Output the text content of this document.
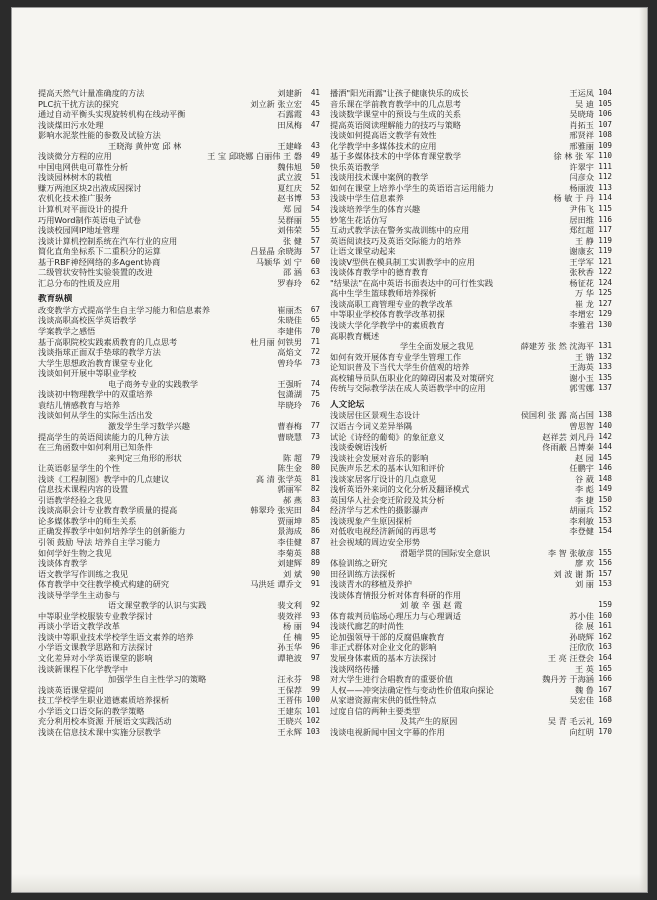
提高天然气计量准确度的方法	刘建新	41
PLC抗干扰方法的探究	刘立新 张立宏	45
通过自动平衡头实现旋转机构在线动平衡	石露霞	43
浅谈煤田污水处理	田凤梅	47
影响水泥浆性能的参数及试验方法
王晓海 黄仲宽 邱 林	王建峰	43
浅谈微分方程的应用	王 宝 邱晓娜 白丽伟 王 磐	49
中国电网供电可靠性分析	魏伟旭	50
浅谈园林树木的栽植	武立波	51
赚万两池区块2出液成因探讨	夏红庆	52
农机化技术推广服务	赵书博	53
计算机对平面设计的提升	郑 园	54
巧用Word制作英语电子试卷	吴群丽	55
浅谈校园网IP地址管理	刘伟荣	55
浅谈计算机控制系统在汽车行业的应用	张 健	57
简化直角坐标系下二重积分的运算	吕显晶 余晓海	57
基于RBF神经网络的多Agent协商	马颖华 刘 宁	60
二级管状安特性实验装置的改进	邵 涵	63
汇总分布的性质及应用	罗春玲	62
教育纵横
改变教学方式提高学生自主学习能力和信息素养	崔丽杰	67
浅谈高职高校医学英语教学	朱晓佳	65
学案教学之感悟	李建伟	70
基于高职院校实践素质教育的几点思考	杜月丽 何铁男	71
浅谈指球正面双手垫球的教学方法	高焰文	72
大学生思想政治教育课堂专业化	曾玲华	73
浅谈如何开展中等职业学校
电子商务专业的实践教学	王强昕	74
浅谈初中物理教学中的双重培养	包潇湖	75
袁结儿情感教育与培养	毕晓玲	76
浅谈如何从学生的实际生活出发
激发学生学习数学兴趣	曹春梅	77
提高学生的英语阅读能力的几种方法	曹晓慧	73
在三角函数中如何利用已知条件
来判定三角形的形状	陈 超	79
让英语彰显学生的个性	陈生金	80
浅谈《工程制图》教学中的几点建议	高 清 张学英	81
信息技术课程内容的设置	郭丽军	82
引语教学经验之我见	郝 燕	83
浅谈高职会计专业教育教学质量的提高	韩翠玲 张宪田	84
论多媒体教学中的师生关系	贾丽坤	85
正确发挥教学中如何培养学生的创新能力	景海成	86
引领 鼓励 导法 培养自主学习能力	李佳健	87
如何学好生物之我见	李菊英	88
浅谈体育教学	刘建辉	89
语文教学写作训练之我见	刘 斌	90
体育教学中交往教学模式构建的研究	马洪廷 谭乔文	91
浅谈导学学生主动参与
语文课堂教学的认识与实践	裴文利	92
中等职业学校服装专业教学探讨	裴效祥	93
再谈小学语文教学改革	杨 丽	94
浅谈中等职业技术学校学生语文素养的培养	任 楠	95
小学语文课教学思路和方法探讨	孙玉华	96
文化差异对小学英语课堂的影响	谭艳波	97
浅谈新课程下化学教学中
加强学生自主性学习的策略	汪永芬	98
浅谈英语课堂提问	王保荐	99
技工学校学生职业道德素质培养探析	王晋伟 100
小学语文口语交际的教学策略	王建东 101
充分利用校本资源 开展语文实践活动	王晓兴 102
浅谈在信息技术课中实施分层教学	王永辉 103
播洒"阳光雨露"让孩子健康快乐的成长	王运凤 104
音乐课在学前教育教学中的几点思考	吴 迪 105
浅谈数学课堂中的预设与生成的关系	吴晓琦 106
提高英语阅读理解能力的技巧与策略	肖拓玉 107
浅谈如何提高语文教学有效性	邢贤祥 108
化学教学中多媒体技术的应用	邢雅丽 109
基于多媒体技术的中学体育课堂教学	徐 林 张 军 110
快乐英语教学	许翠宇 111
浅谈用技术课中案例的教学	闫彦众 112
如何在课堂上培养小学生的英语语言运用能力	杨丽波 113
浅谈中学生信息素养	杨 敏 于 丹 114
浅谈培养学生的体育兴趣	尹伟飞 115
妙笔生花话仿写	居田维 116
互动式教学法在警务实战训练中的应用	郑红超 117
英语阅读技巧及英语交际能力的培养	王 静 119
让语文课堂动起来	谢康玄 119
浅谈V型供在模具制工实训教学中的应用	王学军 121
浅谈体育教学中的德育教育	张秋香 122
"结果法"在高中英语书面表达中的可行性实践	杨征花 124
高中生学生篮球教师培养探析	万 华 125
浅谈高职工商管理专业的教学改革	崔 龙 127
中等职业学校体育教学改革初探	李增宏 129
浅谈大学化学教学中的素质教育	李雅君 130
高职教育概述
学生全面发展之我见	薛建芳 张 然 沈海平 131
如何有效开展体育专业学生管理工作	王 锴 132
论知识普及下当代大学生价值观的培养	王海英 133
高校辅导员队伍职业化的障碍因素及对策研究	谢小玉 135
传统与交际教学法在成人英语教学中的应用	郭雪娜 137
人文论坛
浅谈居住区景观生态设计	侯国利 张 露 高占国 138
汉语古今词义差异举隅	曾思智 140
试论《诗经的葡萄》的象征意义	赵祥芸 刘凡丹 142
浅谈委婉语浅析	佟雨蔽 吕博秦 144
浅谈社会发展对音乐的影响	赵 园 145
民族声乐艺术的基本认知和评价	任鹏宇 146
浅谈家居客厅设计的几点意见	谷 葳 148
浅析英语外来词的文化分析及翻译模式	李 彪 149
英国华人社会变迁阶段及其分析	李 捷 150
经济学与艺术性的摄影瀑声	胡丽兵 152
浅谈现象产生原因探析	李利敏 153
对低收电视经济新闻的再思考	李登健 154
社会视域的周边安全形势
滑题学贯的国际安全意识	李 智 张敏彦 155
体验训练之研究	廖 欢 156
田径训练方法探析	刘 波 谢 斯 157
浅谈青水的移植及养护	刘 丽 153
浅谈体育情报分析对体育科研的作用
刘 敏 辛 强 赵 霞	159
体育裁判员临场心理压力与心理调适	苏小佳 160
浅谈代廊艺的时尚性	徐 展 161
论加强领导干部的反腐倡廉教育	孙晓辉 162
非正式群体对企业文化的影响	汪欣欣 163
发展身体素质的基本方法探讨	王 亮 汪登会 164
浅谈网络传播	王 英 165
对大学生进行合唱教育的重要价值	魏丹芳 于海涵 166
人权——冲突法确定性与变动性价值取向探论	魏 鲁 167
从家谱资源南宋供的低性特点	吴宏佳 168
过度自信的两种主要类型
及其产生的原因	吴 青 毛云礼 169
浅谈电视新闻中国文字幕的作用	向红明 170
